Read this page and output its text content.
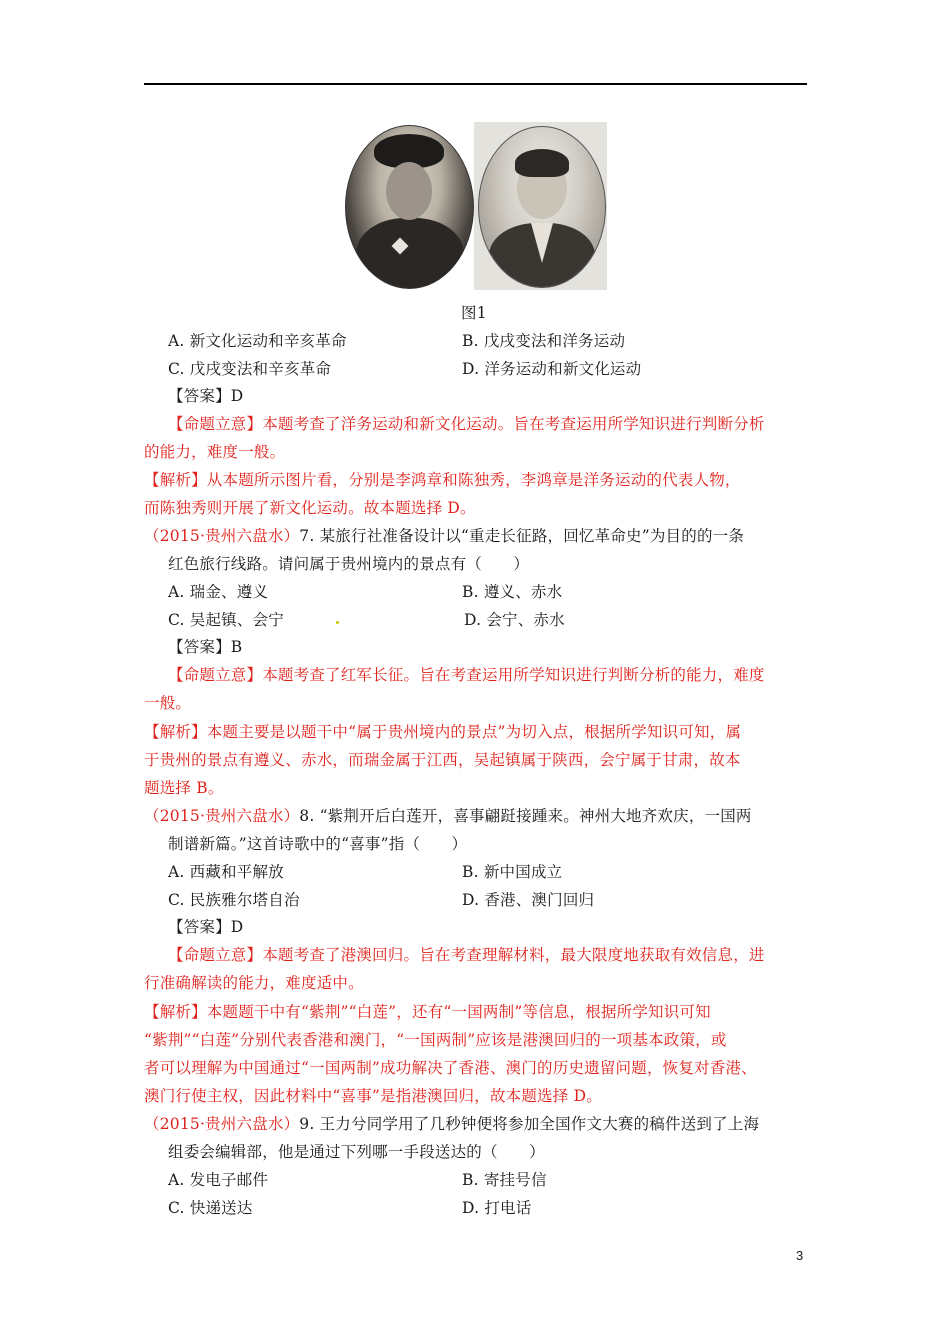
图1
A. 新文化运动和辛亥革命	B. 戊戌变法和洋务运动
C. 戊戌变法和辛亥革命	D. 洋务运动和新文化运动
【答案】D
【命题立意】本题考查了洋务运动和新文化运动。旨在考查运用所学知识进行判断分析
的能力，难度一般。
【解析】从本题所示图片看，分别是李鸿章和陈独秀，李鸿章是洋务运动的代表人物，
而陈独秀则开展了新文化运动。故本题选择 D。
（2015·贵州六盘水）7. 某旅行社准备设计以“重走长征路，回忆革命史”为目的的一条
红色旅行线路。请问属于贵州境内的景点有（　　）
A. 瑞金、遵义	B. 遵义、赤水
C. 吴起镇、会宁	D. 会宁、赤水
【答案】B
【命题立意】本题考查了红军长征。旨在考查运用所学知识进行判断分析的能力，难度
一般。
【解析】本题主要是以题干中“属于贵州境内的景点”为切入点，根据所学知识可知，属
于贵州的景点有遵义、赤水，而瑞金属于江西，吴起镇属于陕西，会宁属于甘肃，故本
题选择 B。
（2015·贵州六盘水）8. “紫荆开后白莲开，喜事翩跹接踵来。神州大地齐欢庆，一国两
制谱新篇。”这首诗歌中的“喜事”指（　　）
A. 西藏和平解放	B. 新中国成立
C. 民族雅尔塔自治	D. 香港、澳门回归
【答案】D
【命题立意】本题考查了港澳回归。旨在考查理解材料，最大限度地获取有效信息，进
行准确解读的能力，难度适中。
【解析】本题题干中有“紫荆”“白莲”，还有“一国两制”等信息，根据所学知识可知
“紫荆”“白莲”分别代表香港和澳门，“一国两制”应该是港澳回归的一项基本政策，或
者可以理解为中国通过“一国两制”成功解决了香港、澳门的历史遗留问题，恢复对香港、
澳门行使主权，因此材料中“喜事”是指港澳回归，故本题选择 D。
（2015·贵州六盘水）9. 王力兮同学用了几秒钟便将参加全国作文大赛的稿件送到了上海
组委会编辑部，他是通过下列哪一手段送达的（　　）
A. 发电子邮件	B. 寄挂号信
C. 快递送达	D. 打电话
3
